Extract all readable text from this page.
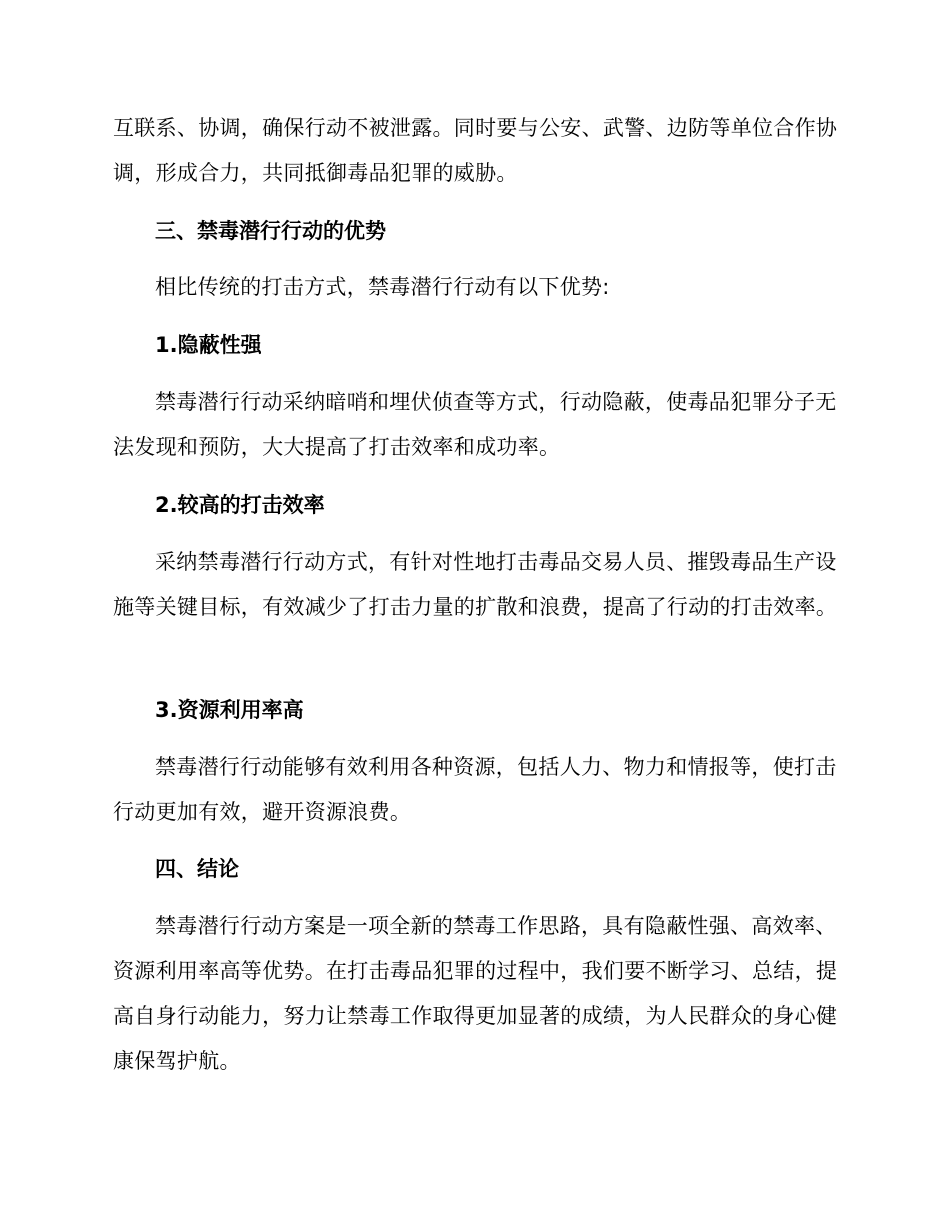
互联系、协调，确保行动不被泄露。同时要与公安、武警、边防等单位合作协调，形成合力，共同抵御毒品犯罪的威胁。

三、禁毒潜行行动的优势

相比传统的打击方式，禁毒潜行行动有以下优势:

1.隐蔽性强

禁毒潜行行动采纳暗哨和埋伏侦查等方式，行动隐蔽，使毒品犯罪分子无法发现和预防，大大提高了打击效率和成功率。

2.较高的打击效率

采纳禁毒潜行行动方式，有针对性地打击毒品交易人员、摧毁毒品生产设施等关键目标，有效减少了打击力量的扩散和浪费，提高了行动的打击效率。

3.资源利用率高

禁毒潜行行动能够有效利用各种资源，包括人力、物力和情报等，使打击行动更加有效，避开资源浪费。

四、结论

禁毒潜行行动方案是一项全新的禁毒工作思路，具有隐蔽性强、高效率、资源利用率高等优势。在打击毒品犯罪的过程中，我们要不断学习、总结，提高自身行动能力，努力让禁毒工作取得更加显著的成绩，为人民群众的身心健康保驾护航。
